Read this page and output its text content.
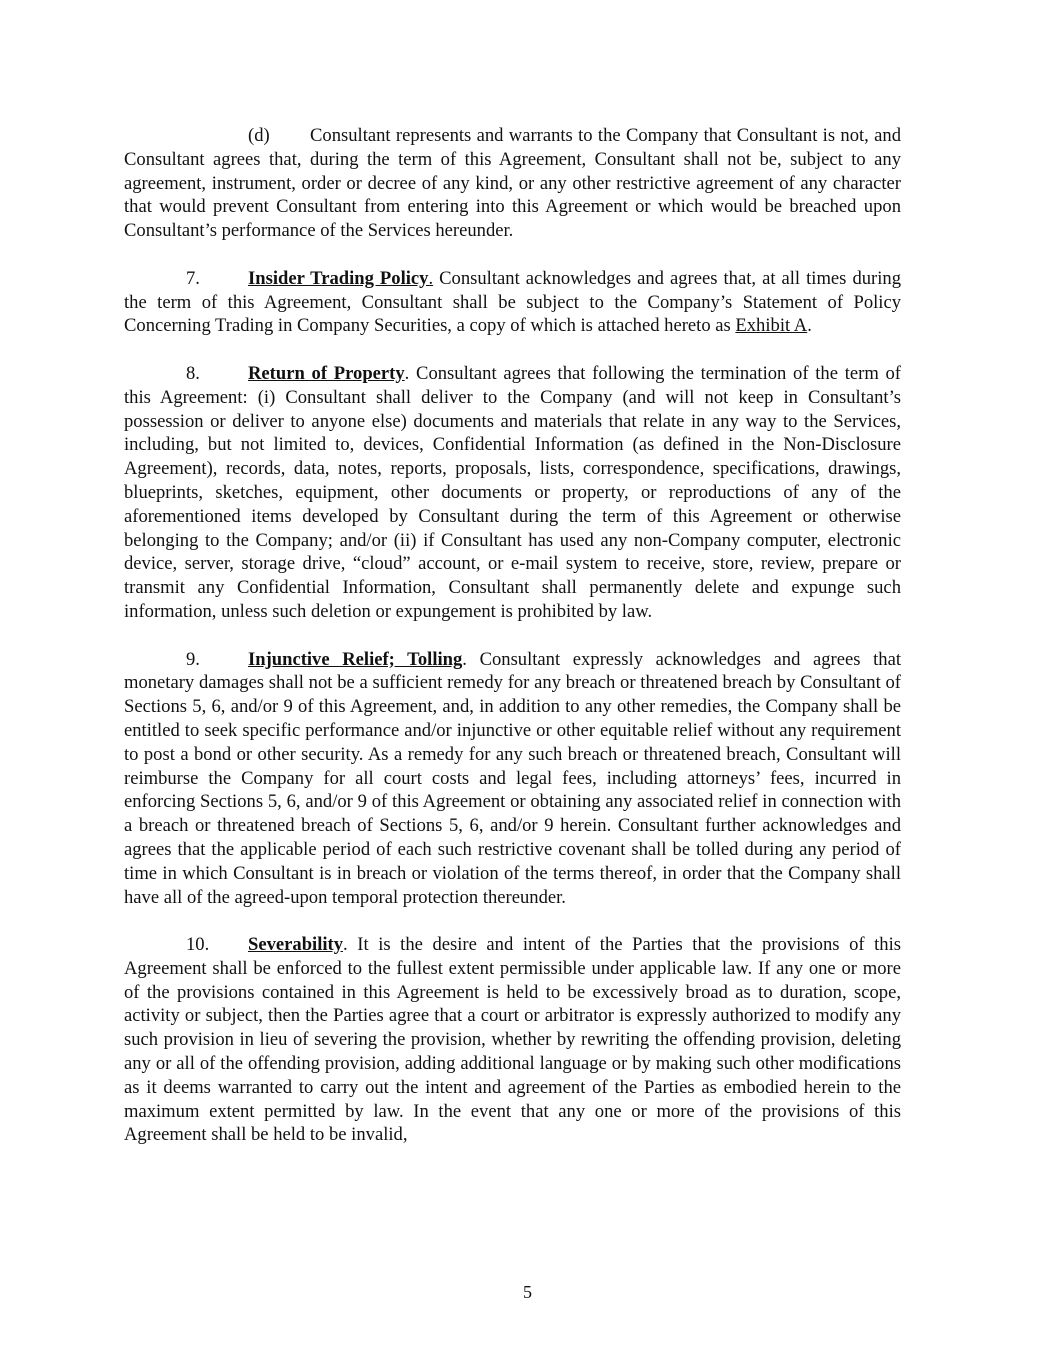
(d) Consultant represents and warrants to the Company that Consultant is not, and Consultant agrees that, during the term of this Agreement, Consultant shall not be, subject to any agreement, instrument, order or decree of any kind, or any other restrictive agreement of any character that would prevent Consultant from entering into this Agreement or which would be breached upon Consultant’s performance of the Services hereunder.

7.	Insider Trading Policy. Consultant acknowledges and agrees that, at all times during the term of this Agreement, Consultant shall be subject to the Company’s Statement of Policy Concerning Trading in Company Securities, a copy of which is attached hereto as Exhibit A.

8.	Return of Property. Consultant agrees that following the termination of the term of this Agreement: (i) Consultant shall deliver to the Company (and will not keep in Consultant’s possession or deliver to anyone else) documents and materials that relate in any way to the Services, including, but not limited to, devices, Confidential Information (as defined in the Non-Disclosure Agreement), records, data, notes, reports, proposals, lists, correspondence, specifications, drawings, blueprints, sketches, equipment, other documents or property, or reproductions of any of the aforementioned items developed by Consultant during the term of this Agreement or otherwise belonging to the Company; and/or (ii) if Consultant has used any non-Company computer, electronic device, server, storage drive, “cloud” account, or e-mail system to receive, store, review, prepare or transmit any Confidential Information, Consultant shall permanently delete and expunge such information, unless such deletion or expungement is prohibited by law.

9.	Injunctive Relief; Tolling. Consultant expressly acknowledges and agrees that monetary damages shall not be a sufficient remedy for any breach or threatened breach by Consultant of Sections 5, 6, and/or 9 of this Agreement, and, in addition to any other remedies, the Company shall be entitled to seek specific performance and/or injunctive or other equitable relief without any requirement to post a bond or other security. As a remedy for any such breach or threatened breach, Consultant will reimburse the Company for all court costs and legal fees, including attorneys’ fees, incurred in enforcing Sections 5, 6, and/or 9 of this Agreement or obtaining any associated relief in connection with a breach or threatened breach of Sections 5, 6, and/or 9 herein. Consultant further acknowledges and agrees that the applicable period of each such restrictive covenant shall be tolled during any period of time in which Consultant is in breach or violation of the terms thereof, in order that the Company shall have all of the agreed-upon temporal protection thereunder.

10. Severability. It is the desire and intent of the Parties that the provisions of this Agreement shall be enforced to the fullest extent permissible under applicable law. If any one or more of the provisions contained in this Agreement is held to be excessively broad as to duration, scope, activity or subject, then the Parties agree that a court or arbitrator is expressly authorized to modify any such provision in lieu of severing the provision, whether by rewriting the offending provision, deleting any or all of the offending provision, adding additional language or by making such other modifications as it deems warranted to carry out the intent and agreement of the Parties as embodied herein to the maximum extent permitted by law. In the event that any one or more of the provisions of this Agreement shall be held to be invalid,

5
